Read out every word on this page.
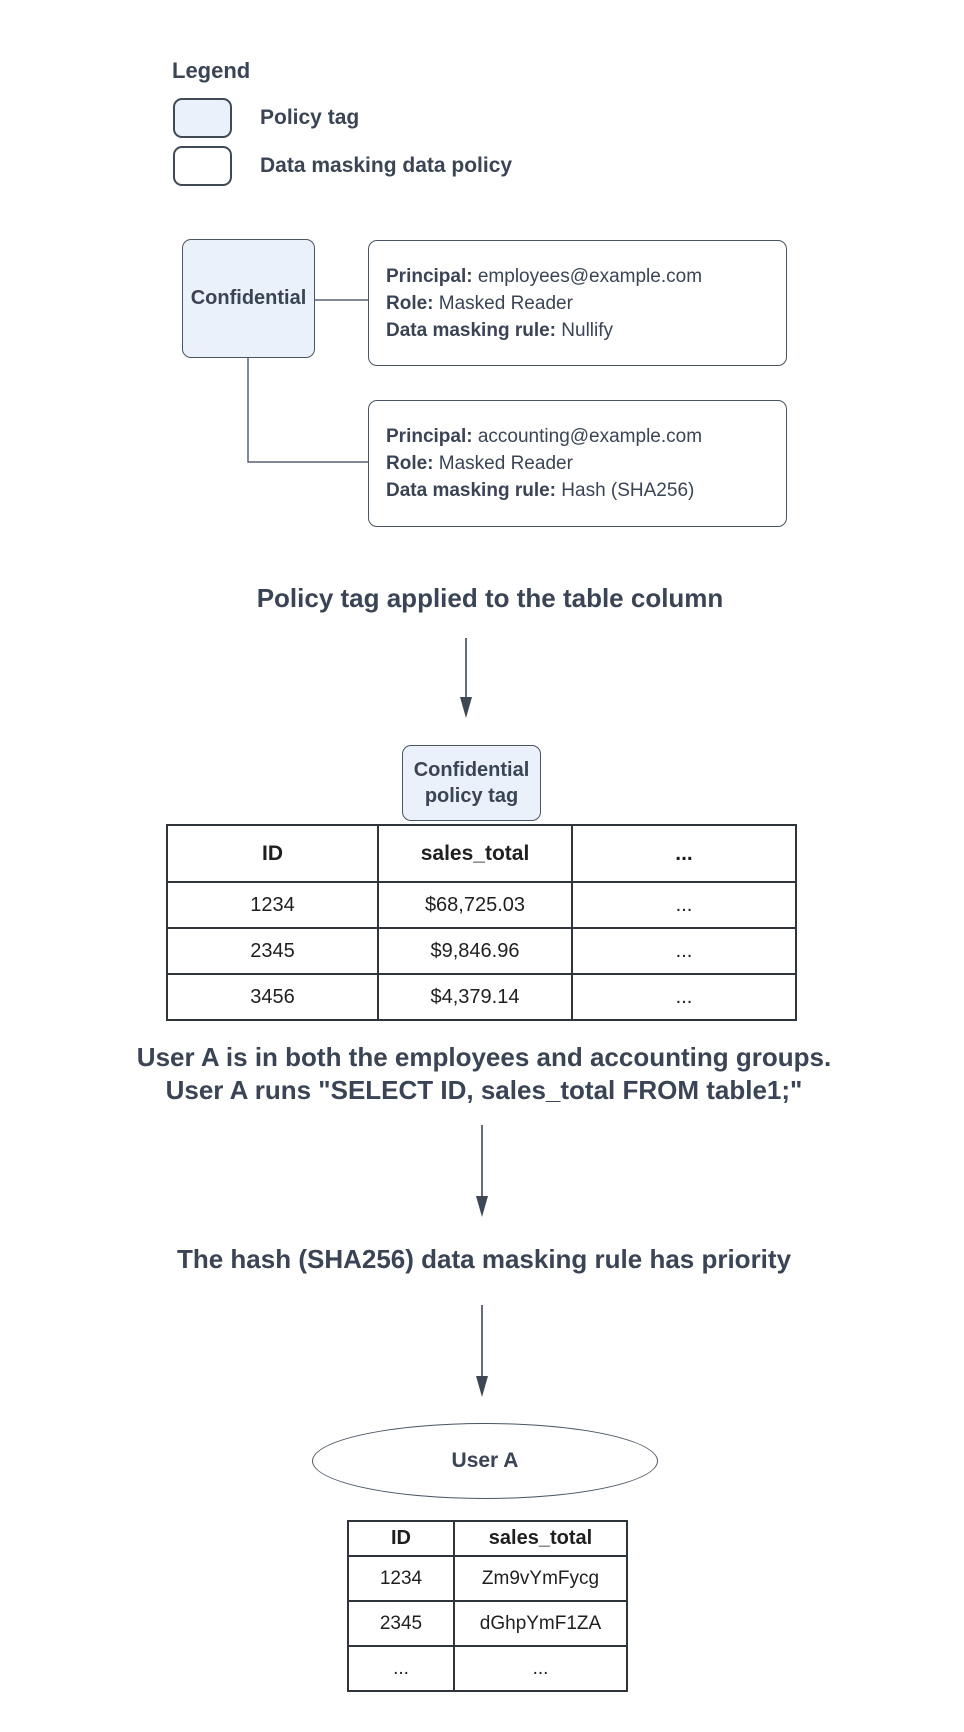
Legend
Policy tag
Data masking data policy
Confidential
Principal: employees@example.com
Role: Masked Reader
Data masking rule: Nullify
Principal: accounting@example.com
Role: Masked Reader
Data masking rule: Hash (SHA256)
Policy tag applied to the table column
User A is in both the employees and accounting groups.
User A runs "SELECT ID, sales_total FROM table1;"
The hash (SHA256) data masking rule has priority
Confidential
policy tag
ID	sales_total	...
1234	$68,725.03	...
2345	$9,846.96	...
3456	$4,379.14	...
User A
ID	sales_total
1234	Zm9vYmFycg
2345	dGhpYmF1ZA
...	...
